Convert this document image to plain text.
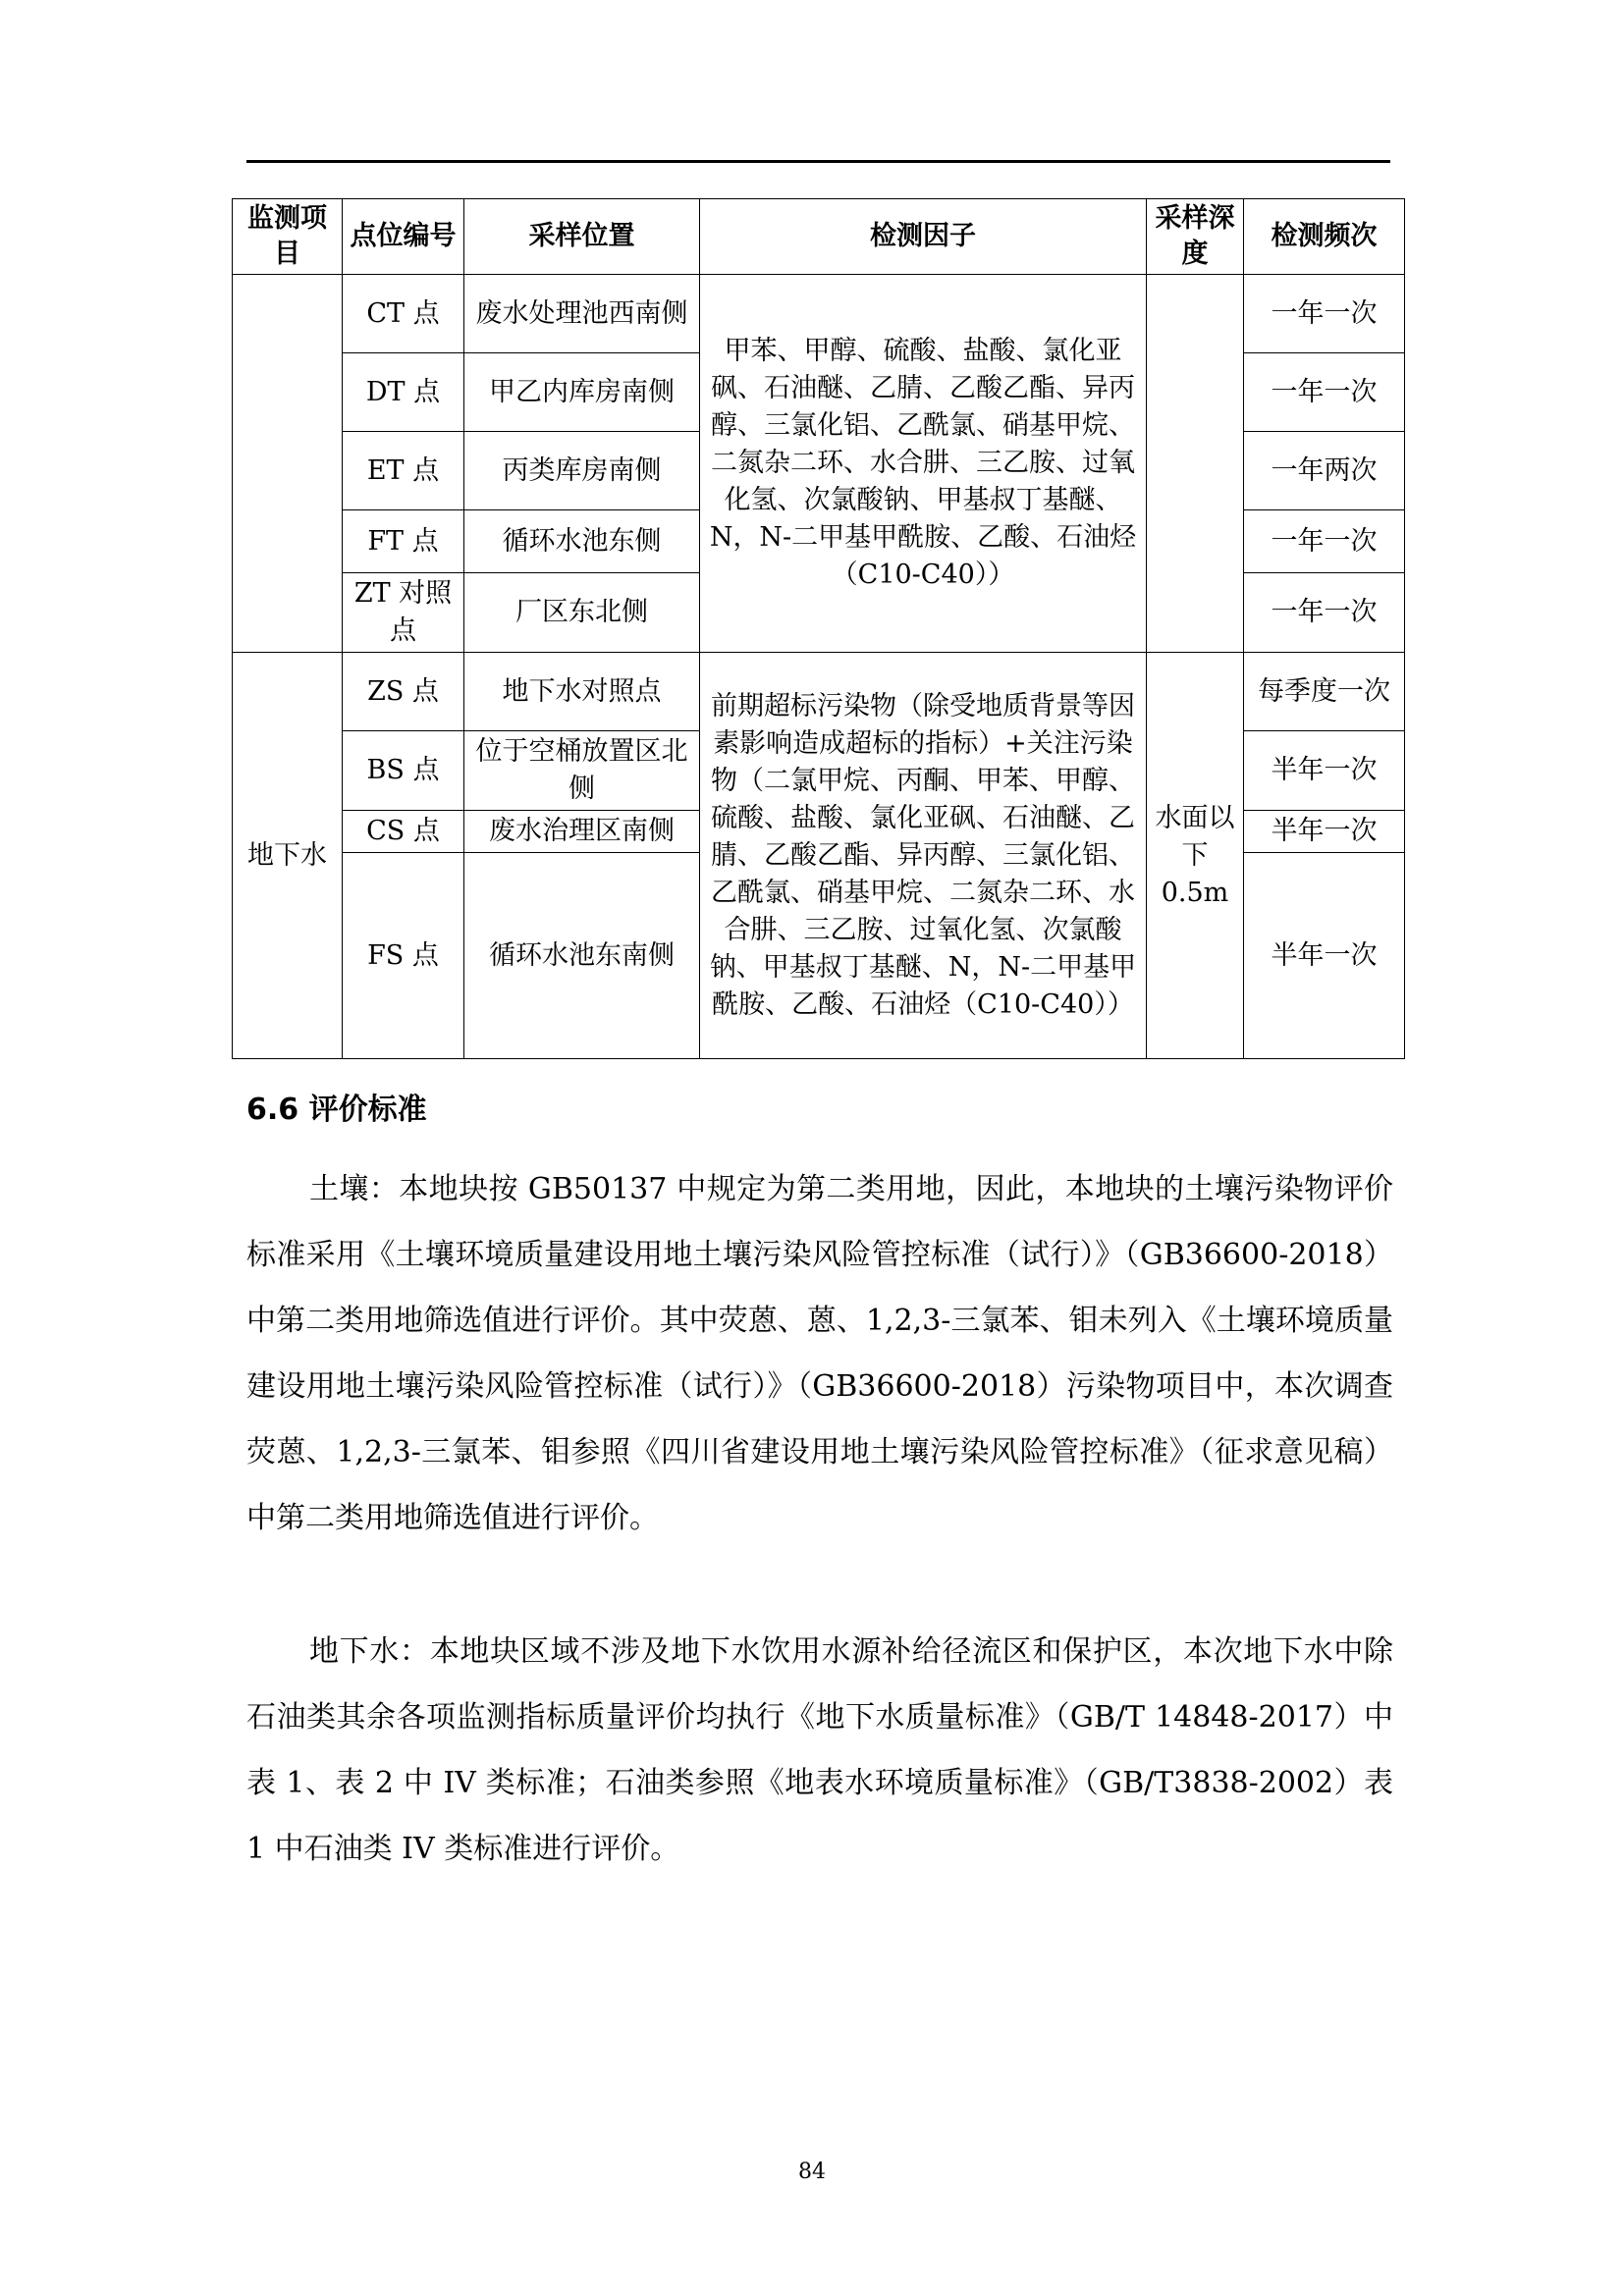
监测项目	点位编号	采样位置	检测因子	采样深度	检测频次
	CT 点	废水处理池西南侧	甲苯、甲醇、硫酸、盐酸、氯化亚砜、石油醚、乙腈、乙酸乙酯、异丙醇、三氯化铝、乙酰氯、硝基甲烷、二氮杂二环、水合肼、三乙胺、过氧化氢、次氯酸钠、甲基叔丁基醚、N，N-二甲基甲酰胺、乙酸、石油烃（C10-C40））		一年一次
	DT 点	甲乙内库房南侧			一年一次
	ET 点	丙类库房南侧			一年两次
	FT 点	循环水池东侧			一年一次
	ZT 对照点	厂区东北侧			一年一次
地下水	ZS 点	地下水对照点	前期超标污染物（除受地质背景等因素影响造成超标的指标）+关注污染物（二氯甲烷、丙酮、甲苯、甲醇、硫酸、盐酸、氯化亚砜、石油醚、乙腈、乙酸乙酯、异丙醇、三氯化铝、乙酰氯、硝基甲烷、二氮杂二环、水合肼、三乙胺、过氧化氢、次氯酸钠、甲基叔丁基醚、N，N-二甲基甲酰胺、乙酸、石油烃（C10-C40））	水面以下 0.5m	每季度一次
	BS 点	位于空桶放置区北侧			半年一次
	CS 点	废水治理区南侧			半年一次
	FS 点	循环水池东南侧			半年一次
6.6 评价标准

土壤：本地块按 GB50137 中规定为第二类用地，因此，本地块的土壤污染物评价标准采用《土壤环境质量建设用地土壤污染风险管控标准（试行）》（GB36600-2018）中第二类用地筛选值进行评价。其中荧蒽、蒽、1,2,3-三氯苯、钼未列入《土壤环境质量建设用地土壤污染风险管控标准（试行）》（GB36600-2018）污染物项目中，本次调查荧蒽、1,2,3-三氯苯、钼参照《四川省建设用地土壤污染风险管控标准》（征求意见稿）中第二类用地筛选值进行评价。

地下水：本地块区域不涉及地下水饮用水源补给径流区和保护区，本次地下水中除石油类其余各项监测指标质量评价均执行《地下水质量标准》（GB/T 14848-2017）中表 1、表 2 中 IV 类标准；石油类参照《地表水环境质量标准》（GB/T3838-2002）表 1 中石油类 IV 类标准进行评价。

84
